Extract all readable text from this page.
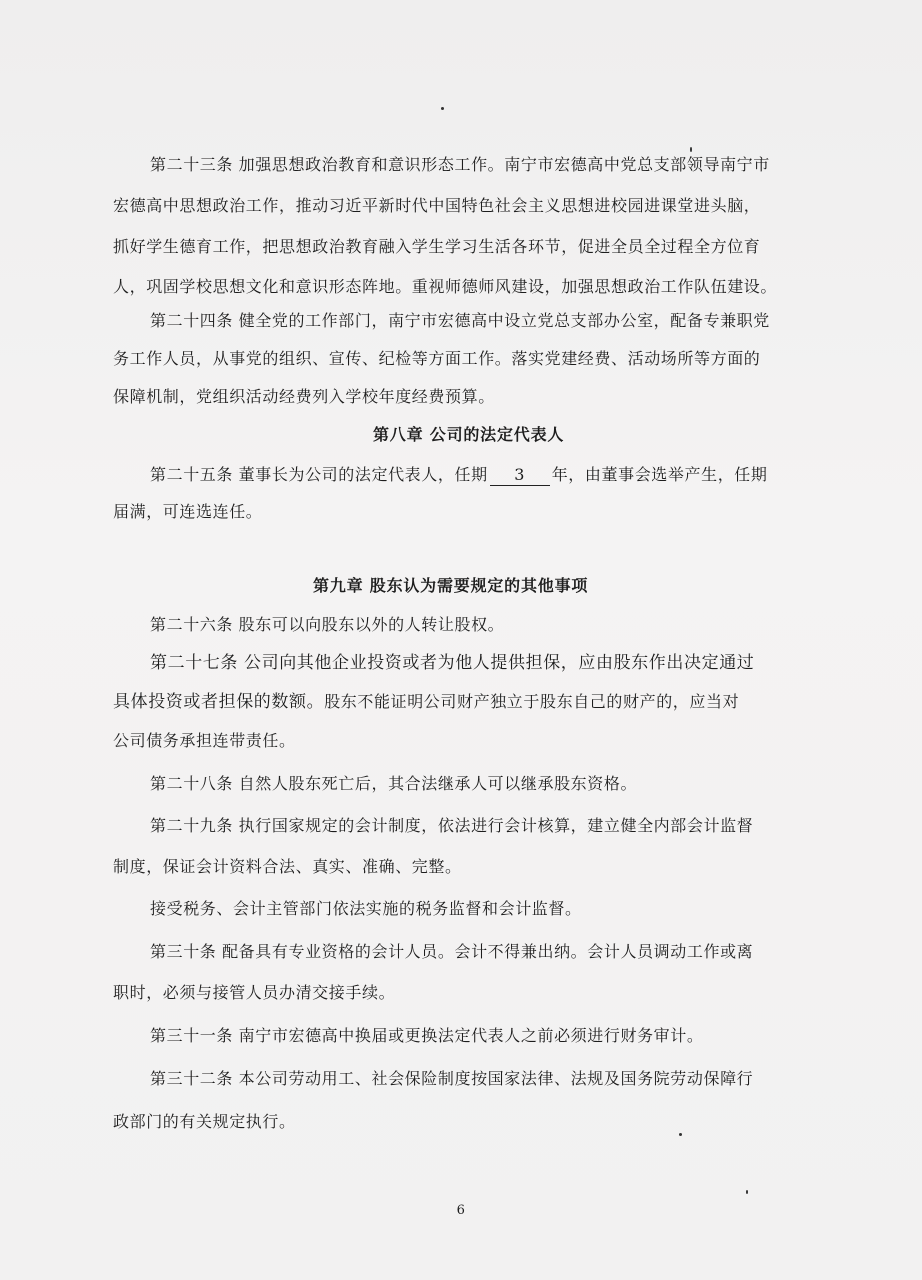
第二十三条 加强思想政治教育和意识形态工作。南宁市宏德高中党总支部领导南宁市
宏德高中思想政治工作，推动习近平新时代中国特色社会主义思想进校园进课堂进头脑，
抓好学生德育工作，把思想政治教育融入学生学习生活各环节，促进全员全过程全方位育
人，巩固学校思想文化和意识形态阵地。重视师德师风建设，加强思想政治工作队伍建设。
第二十四条 健全党的工作部门，南宁市宏德高中设立党总支部办公室，配备专兼职党
务工作人员，从事党的组织、宣传、纪检等方面工作。落实党建经费、活动场所等方面的
保障机制，党组织活动经费列入学校年度经费预算。
第八章 公司的法定代表人
第二十五条 董事长为公司的法定代表人，任期 3 年，由董事会选举产生，任期
届满，可连选连任。
第九章 股东认为需要规定的其他事项
第二十六条 股东可以向股东以外的人转让股权。
第二十七条 公司向其他企业投资或者为他人提供担保，应由股东作出决定通过
具体投资或者担保的数额。股东不能证明公司财产独立于股东自己的财产的，应当对
公司债务承担连带责任。
第二十八条 自然人股东死亡后，其合法继承人可以继承股东资格。
第二十九条 执行国家规定的会计制度，依法进行会计核算，建立健全内部会计监督
制度，保证会计资料合法、真实、准确、完整。
接受税务、会计主管部门依法实施的税务监督和会计监督。
第三十条 配备具有专业资格的会计人员。会计不得兼出纳。会计人员调动工作或离
职时，必须与接管人员办清交接手续。
第三十一条 南宁市宏德高中换届或更换法定代表人之前必须进行财务审计。
第三十二条 本公司劳动用工、社会保险制度按国家法律、法规及国务院劳动保障行
政部门的有关规定执行。
6
